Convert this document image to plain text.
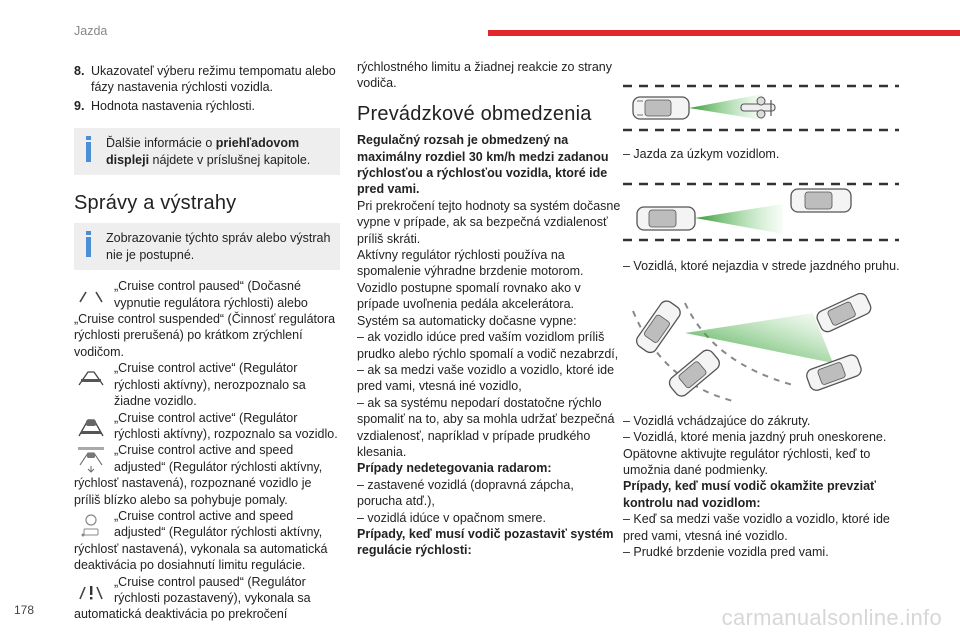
Jazda
8. Ukazovateľ výberu režimu tempomatu alebo fázy nastavenia rýchlosti vozidla.
9. Hodnota nastavenia rýchlosti.
Ďalšie informácie o priehľadovom displeji nájdete v príslušnej kapitole.
Správy a výstrahy
Zobrazovanie týchto správ alebo výstrah nie je postupné.
„Cruise control paused“ (Dočasné vypnutie regulátora rýchlosti) alebo
„Cruise control suspended“ (Činnosť regulátora rýchlosti prerušená) po krátkom zrýchlení vodičom.
„Cruise control active“ (Regulátor rýchlosti aktívny), nerozpoznalo sa žiadne vozidlo.
„Cruise control active“ (Regulátor rýchlosti aktívny), rozpoznalo sa vozidlo.
„Cruise control active and speed adjusted“ (Regulátor rýchlosti aktívny,
rýchlosť nastavená), rozpoznané vozidlo je príliš blízko alebo sa pohybuje pomaly.
„Cruise control active and speed adjusted“ (Regulátor rýchlosti aktívny,
rýchlosť nastavená), vykonala sa automatická deaktivácia po dosiahnutí limitu regulácie.
„Cruise control paused“ (Regulátor rýchlosti pozastavený), vykonala sa
automatická deaktivácia po prekročení
rýchlostného limitu a žiadnej reakcie zo strany vodiča.
Prevádzkové obmedzenia
Regulačný rozsah je obmedzený na maximálny rozdiel 30 km/h medzi zadanou rýchlosťou a rýchlosťou vozidla, ktoré ide pred vami.
Pri prekročení tejto hodnoty sa systém dočasne vypne v prípade, ak sa bezpečná vzdialenosť príliš skráti.
Aktívny regulátor rýchlosti používa na spomalenie výhradne brzdenie motorom.
Vozidlo postupne spomalí rovnako ako v prípade uvoľnenia pedála akcelerátora.
Systém sa automaticky dočasne vypne:
– ak vozidlo idúce pred vaším vozidlom príliš prudko alebo rýchlo spomalí a vodič nezabrzdí,
– ak sa medzi vaše vozidlo a vozidlo, ktoré ide pred vami, vtesná iné vozidlo,
– ak sa systému nepodarí dostatočne rýchlo spomaliť na to, aby sa mohla udržať bezpečná vzdialenosť, napríklad v prípade prudkého klesania.
Prípady nedetegovania radarom:
– zastavené vozidlá (dopravná zápcha, porucha atď.),
– vozidlá idúce v opačnom smere.
Prípady, keď musí vodič pozastaviť systém regulácie rýchlosti:
– Jazda za úzkym vozidlom.
– Vozidlá, ktoré nejazdia v strede jazdného pruhu.
– Vozidlá vchádzajúce do zákruty.
– Vozidlá, ktoré menia jazdný pruh oneskorene.
Opätovne aktivujte regulátor rýchlosti, keď to umožnia dané podmienky.
Prípady, keď musí vodič okamžite prevziať kontrolu nad vozidlom:
– Keď sa medzi vaše vozidlo a vozidlo, ktoré ide pred vami, vtesná iné vozidlo.
– Prudké brzdenie vozidla pred vami.
178	carmanualsonline.info
